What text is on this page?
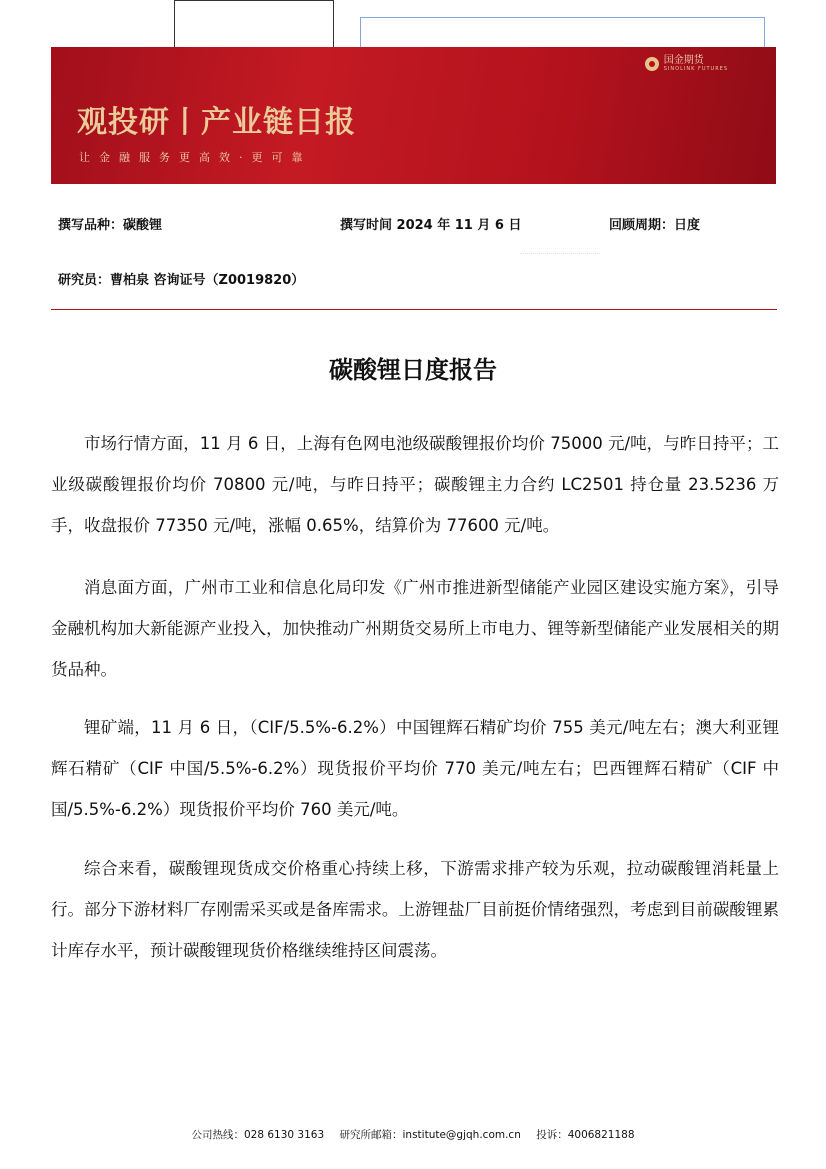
国金期货
SINOLINK FUTURES
观投研丨产业链日报
让金融服务更高效·更可靠
撰写品种：碳酸锂	撰写时间 2024 年 11 月 6 日	回顾周期：日度
研究员：曹柏泉 咨询证号（Z0019820）
碳酸锂日度报告

市场行情方面，11 月 6 日，上海有色网电池级碳酸锂报价均价 75000 元/吨，与昨日持平；工业级碳酸锂报价均价 70800 元/吨，与昨日持平；碳酸锂主力合约 LC2501 持仓量 23.5236 万手，收盘报价 77350 元/吨，涨幅 0.65%，结算价为 77600 元/吨。

消息面方面，广州市工业和信息化局印发《广州市推进新型储能产业园区建设实施方案》，引导金融机构加大新能源产业投入，加快推动广州期货交易所上市电力、锂等新型储能产业发展相关的期货品种。

锂矿端，11 月 6 日，（CIF/5.5%-6.2%）中国锂辉石精矿均价 755 美元/吨左右；澳大利亚锂辉石精矿（CIF 中国/5.5%-6.2%）现货报价平均价 770 美元/吨左右；巴西锂辉石精矿（CIF 中国/5.5%-6.2%）现货报价平均价 760 美元/吨。

综合来看，碳酸锂现货成交价格重心持续上移，下游需求排产较为乐观，拉动碳酸锂消耗量上行。部分下游材料厂存刚需采买或是备库需求。上游锂盐厂目前挺价情绪强烈，考虑到目前碳酸锂累计库存水平，预计碳酸锂现货价格继续维持区间震荡。

公司热线：028 6130 3163 研究所邮箱：institute@gjqh.com.cn 投诉：4006821188
